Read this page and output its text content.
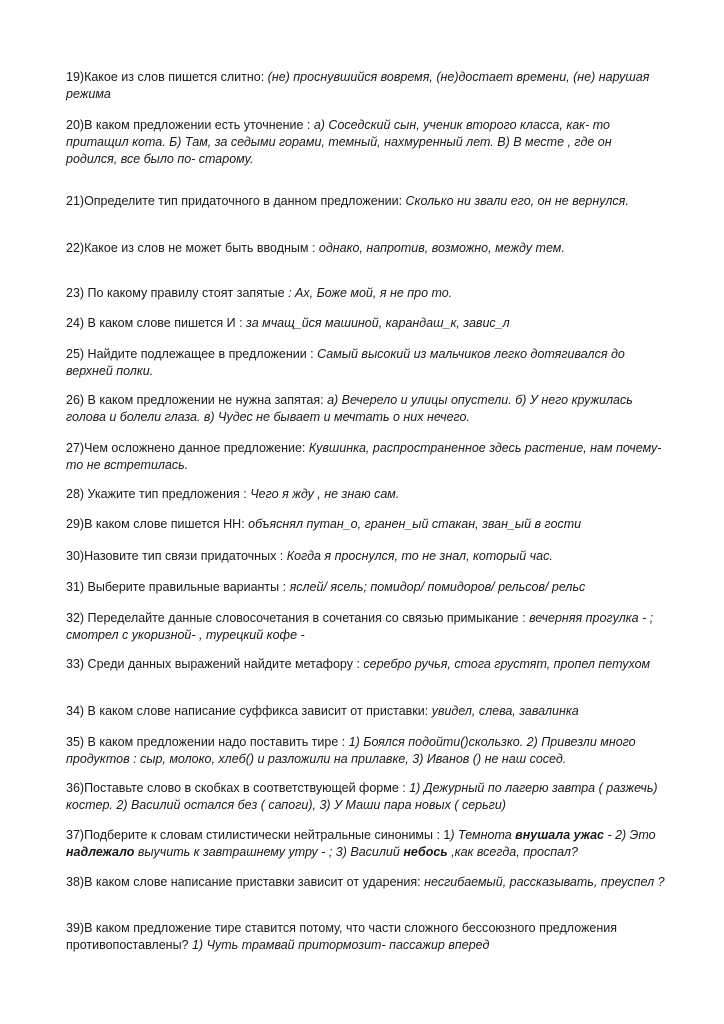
19)Какое из слов пишется слитно: (не) проснувшийся вовремя, (не)достает времени, (не) нарушая режима

20)В каком предложении есть уточнение : а) Соседский сын, ученик второго класса, как- то притащил кота. Б) Там, за седыми горами, темный, нахмуренный лет. В) В месте , где он родился, все было по- старому.

21)Определите тип придаточного в данном предложении: Сколько ни звали его, он не вернулся.

22)Какое из слов не может быть вводным : однако, напротив, возможно, между тем.

23) По какому правилу стоят запятые : Ах, Боже мой, я не про то.

24) В каком слове пишется И : за мчащ_йся машиной, карандаш_к, завис_л

25) Найдите подлежащее в предложении : Самый высокий из мальчиков легко дотягивался до верхней полки.

26) В каком предложении не нужна запятая: а) Вечерело и улицы опустели. б) У него кружилась голова и болели глаза. в) Чудес не бывает и мечтать о них нечего.

27)Чем осложнено данное предложение: Кувшинка, распространенное здесь растение, нам почему-то не встретилась.

28) Укажите тип предложения : Чего я жду , не знаю сам.

29)В каком слове пишется НН: объяснял путан_о, гранен_ый стакан, зван_ый в гости

30)Назовите тип связи придаточных : Когда я проснулся, то не знал, который час.

31) Выберите правильные варианты : яслей/ ясель; помидор/ помидоров/ рельсов/ рельс

32) Переделайте данные словосочетания в сочетания со связью примыкание : вечерняя прогулка - ; смотрел с укоризной- , турецкий кофе -

33) Среди данных выражений найдите метафору : серебро ручья, стога грустят, пропел петухом

34) В каком слове написание суффикса зависит от приставки: увидел, слева, завалинка

35) В каком предложении надо поставить тире : 1) Боялся подойти()скользко. 2) Привезли много продуктов : сыр, молоко, хлеб() и разложили на прилавке, 3) Иванов () не наш сосед.

36)Поставьте слово в скобках в соответствующей форме : 1) Дежурный по лагерю завтра ( разжечь) костер. 2) Василий остался без ( сапоги), 3) У Маши пара новых ( серьги)

37)Подберите к словам стилистически нейтральные синонимы : 1) Темнота внушала ужас - 2) Это надлежало выучить к завтрашнему утру - ; 3) Василий небось ,как всегда, проспал?

38)В каком слове написание приставки зависит от ударения: несгибаемый, рассказывать, преуспел ?

39)В каком предложение тире ставится потому, что части сложного бессоюзного предложения противопоставлены? 1) Чуть трамвай притормозит- пассажир вперед
